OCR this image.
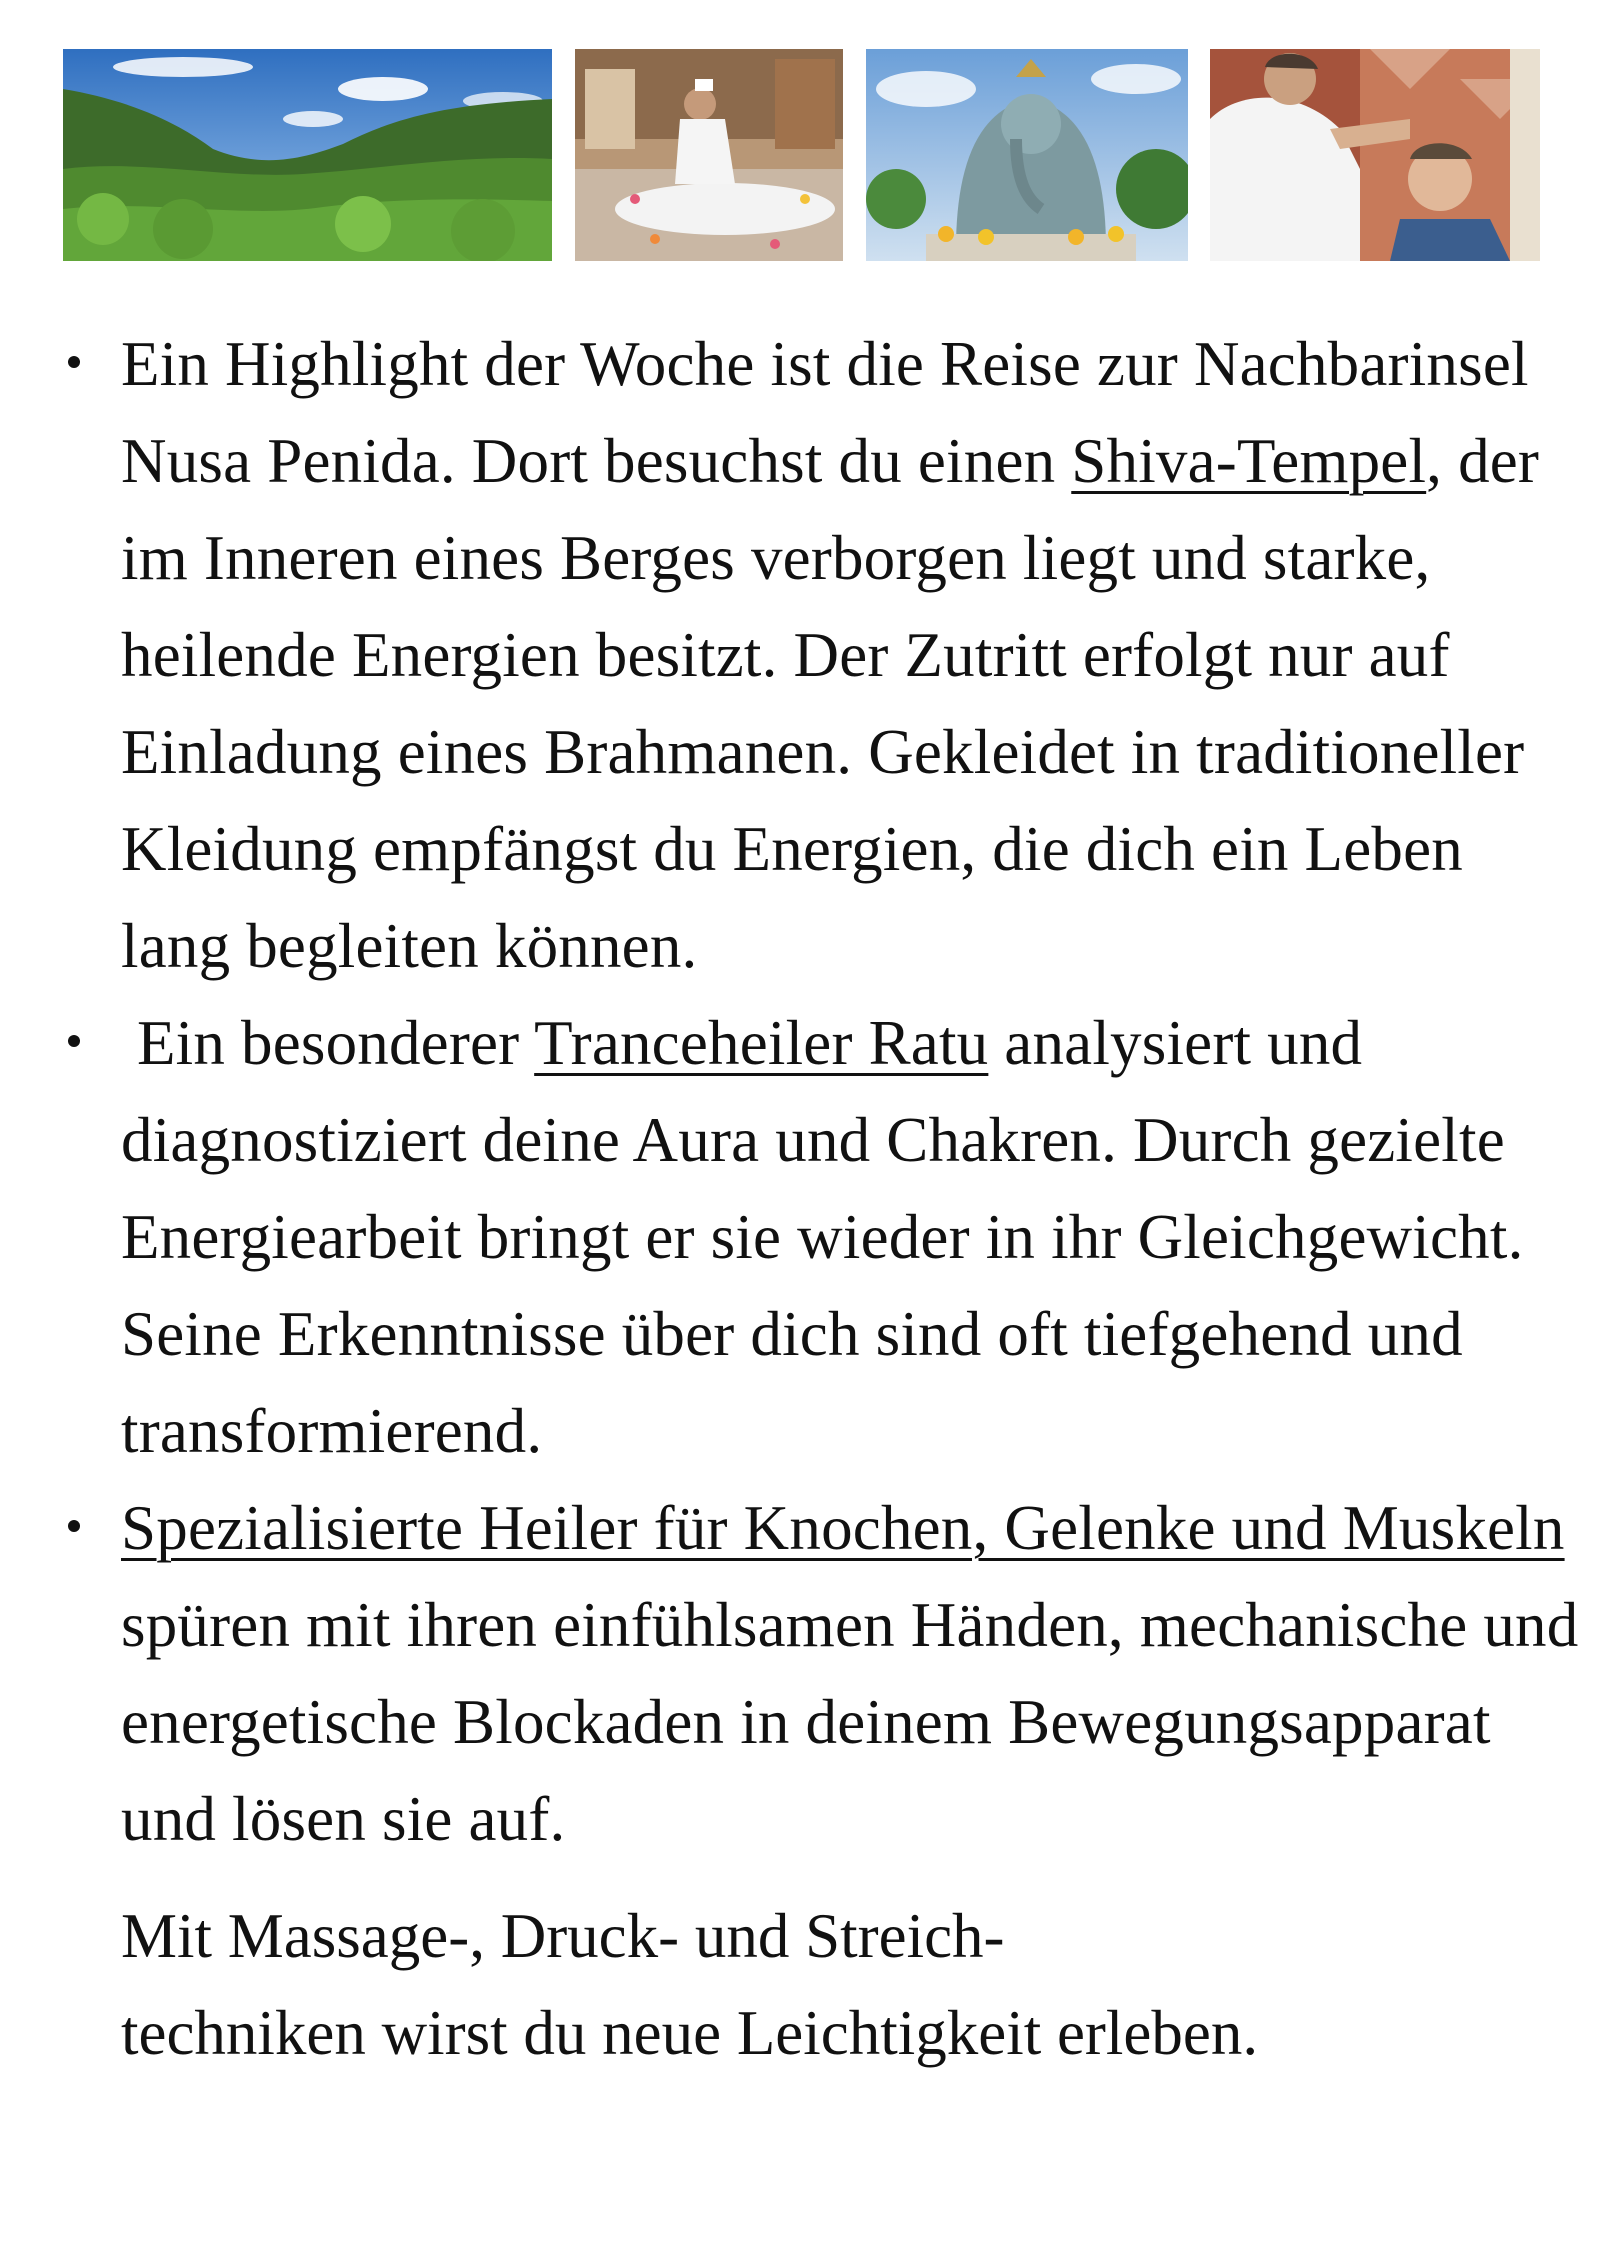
Ein Highlight der Woche ist die Reise zur Nachbarinsel Nusa Penida. Dort besuchst du einen Shiva-Tempel, der im Inneren eines Berges verborgen liegt und starke, heilende Energien besitzt. Der Zutritt erfolgt nur auf Einladung eines Brahmanen. Gekleidet in traditioneller Kleidung empfängst du Energien, die dich ein Leben lang begleiten können.
Ein besonderer Tranceheiler Ratu analysiert und diagnostiziert deine Aura und Chakren. Durch gezielte Energiearbeit bringt er sie wieder in ihr Gleichgewicht. Seine Erkenntnisse über dich sind oft tiefgehend und transformierend.
Spezialisierte Heiler für Knochen, Gelenke und Muskeln spüren mit ihren einfühlsamen Händen, mechanische und energetische Blockaden in deinem Bewegungsapparat und lösen sie auf.

Mit Massage-, Druck- und Streich-
techniken wirst du neue Leichtigkeit erleben.
